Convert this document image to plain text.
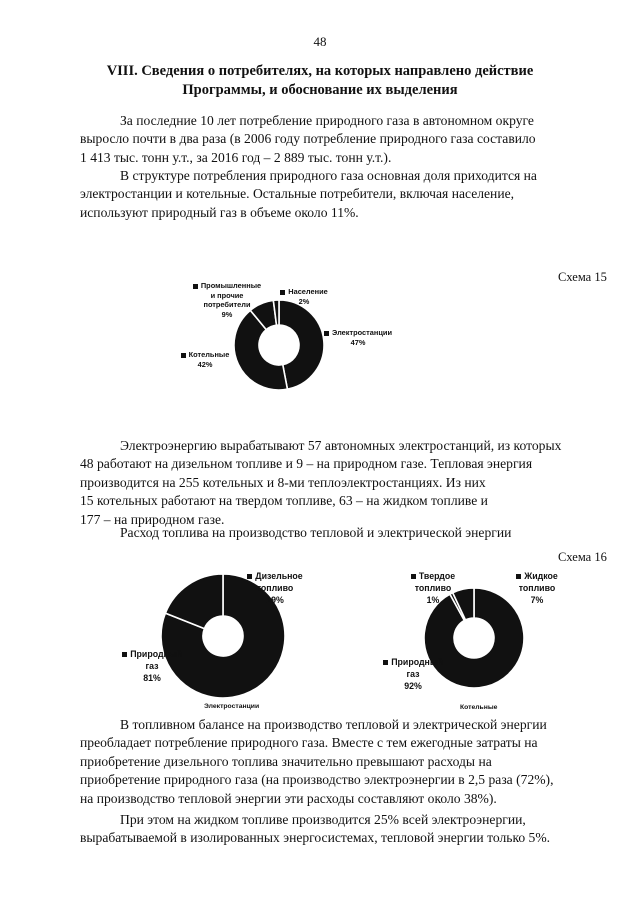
48
VIII. Сведения о потребителях, на которых направлено действие
Программы, и обоснование их выделения
За последние 10 лет потребление природного газа в автономном округе
выросло почти в два раза (в 2006 году потребление природного газа составило
1 413 тыс. тонн у.т., за 2016 год – 2 889 тыс. тонн у.т.).
В структуре потребления природного газа основная доля приходится на
электростанции и котельные. Остальные потребители, включая население,
используют природный газ в объеме около 11%.
Схема 15
Промышленные
и прочие
потребители
9%
Население
2%
Электростанции
47%
Котельные
42%
Электроэнергию вырабатывают 57 автономных электростанций, из которых
48 работают на дизельном топливе и 9 – на природном газе. Тепловая энергия
производится на 255 котельных и 8-ми теплоэлектростанциях. Из них
15 котельных работают на твердом топливе, 63 – на жидком топливе и
177 – на природном газе.
Расход топлива на производство тепловой и электрической энергии
Схема 16
Дизельное
топливо
19%
Природный
газ
81%
Электростанции
Твердое
топливо
1%
Жидкое
топливо
7%
Природный
газ
92%
Котельные
В топливном балансе на производство тепловой и электрической энергии
преобладает потребление природного газа. Вместе с тем ежегодные затраты на
приобретение дизельного топлива значительно превышают расходы на
приобретение природного газа (на производство электроэнергии в 2,5 раза (72%),
на производство тепловой энергии эти расходы составляют около 38%).
При этом на жидком топливе производится 25% всей электроэнергии,
вырабатываемой в изолированных энергосистемах, тепловой энергии только 5%.
